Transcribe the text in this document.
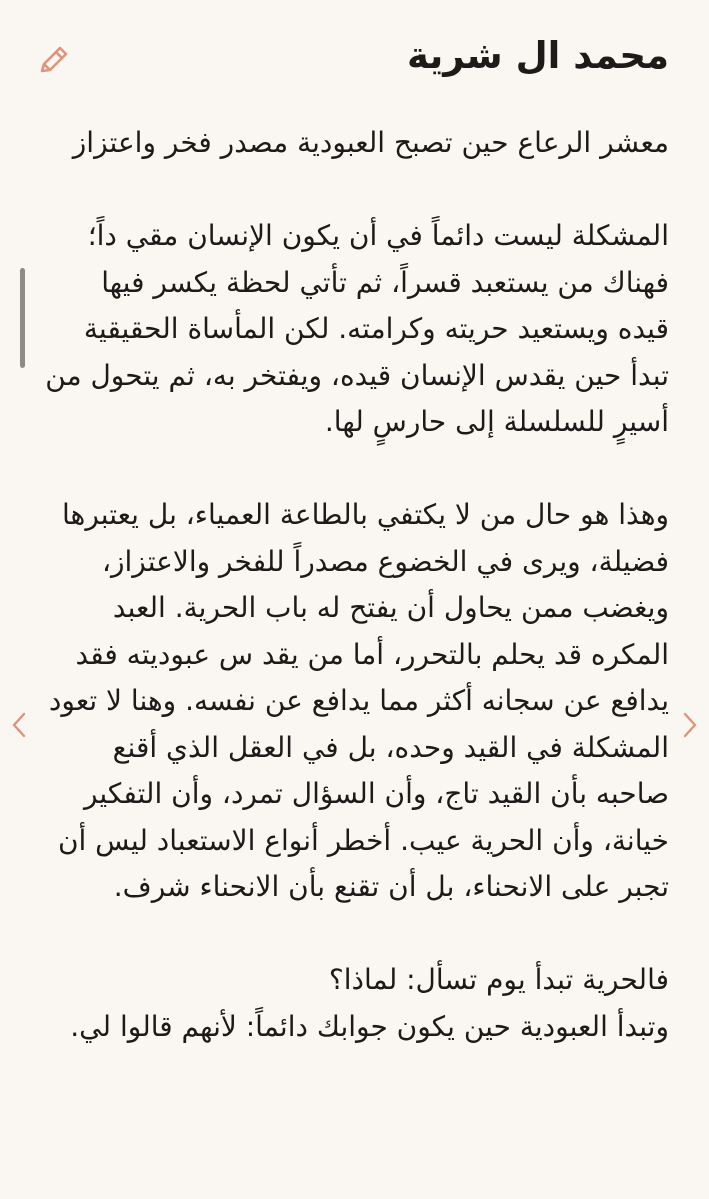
محمد ال شرية

معشر الرعاع حين تصبح العبودية مصدر فخر واعتزاز

المشكلة ليست دائماً في أن يكون الإنسان مقي داً؛ فهناك من يستعبد قسراً، ثم تأتي لحظة يكسر فيها قيده ويستعيد حريته وكرامته. لكن المأساة الحقيقية تبدأ حين يقدس الإنسان قيده، ويفتخر به، ثم يتحول من أسيرٍ للسلسلة إلى حارسٍ لها.

وهذا هو حال من لا يكتفي بالطاعة العمياء، بل يعتبرها فضيلة، ويرى في الخضوع مصدراً للفخر والاعتزاز، ويغضب ممن يحاول أن يفتح له باب الحرية. العبد المكره قد يحلم بالتحرر، أما من يقد س عبوديته فقد يدافع عن سجانه أكثر مما يدافع عن نفسه. وهنا لا تعود المشكلة في القيد وحده، بل في العقل الذي أقنع صاحبه بأن القيد تاج، وأن السؤال تمرد، وأن التفكير خيانة، وأن الحرية عيب. أخطر أنواع الاستعباد ليس أن تجبر على الانحناء، بل أن تقنع بأن الانحناء شرف.

فالحرية تبدأ يوم تسأل: لماذا؟
وتبدأ العبودية حين يكون جوابك دائماً: لأنهم قالوا لي.
